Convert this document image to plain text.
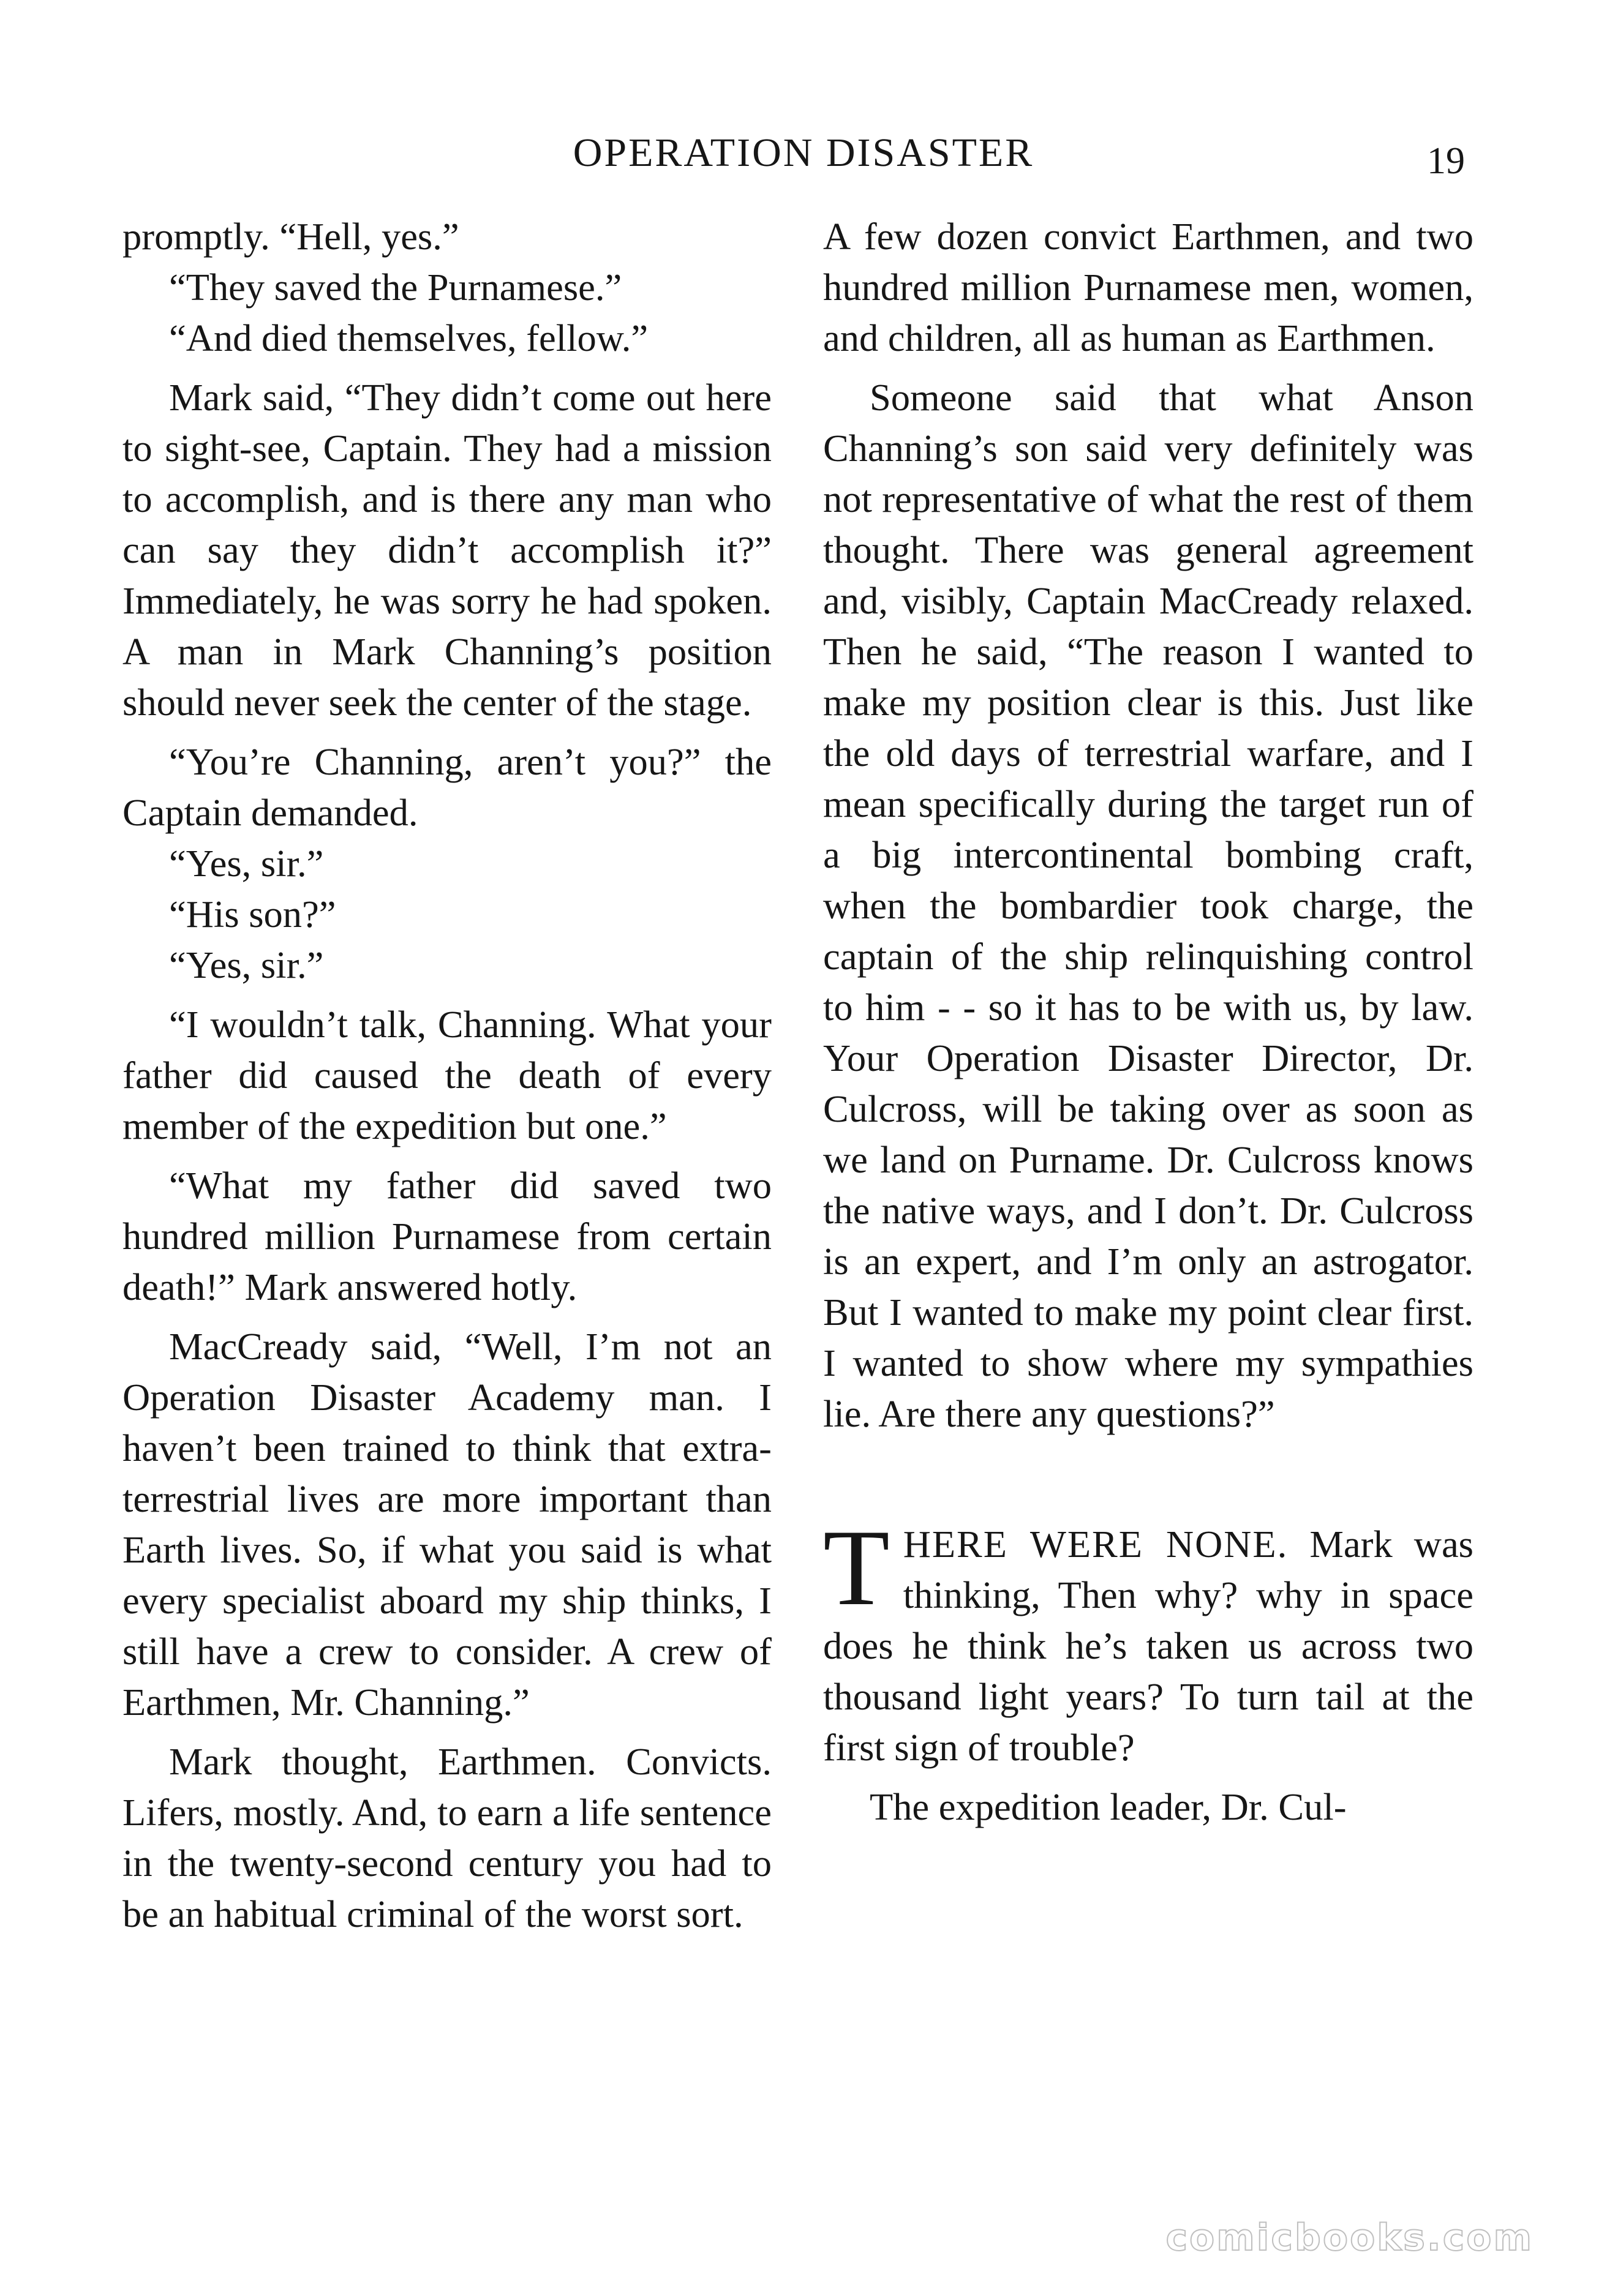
OPERATION DISASTER	19

promptly. “Hell, yes.”

“They saved the Purnamese.”

“And died themselves, fellow.”

Mark said, “They didn’t come out here to sight-see, Captain. They had a mission to accomplish, and is there any man who can say they didn’t accomplish it?” Immediately, he was sorry he had spoken. A man in Mark Channing’s position should never seek the center of the stage.

“You’re Channing, aren’t you?” the Captain demanded.

“Yes, sir.”

“His son?”

“Yes, sir.”

“I wouldn’t talk, Channing. What your father did caused the death of every member of the expedition but one.”

“What my father did saved two hundred million Purnamese from certain death!” Mark answered hotly.

MacCready said, “Well, I’m not an Operation Disaster Academy man. I haven’t been trained to think that extra-terrestrial lives are more important than Earth lives. So, if what you said is what every specialist aboard my ship thinks, I still have a crew to consider. A crew of Earthmen, Mr. Channing.”

Mark thought, Earthmen. Convicts. Lifers, mostly. And, to earn a life sentence in the twenty-second century you had to be an habitual criminal of the worst sort.

A few dozen convict Earthmen, and two hundred million Purnamese men, women, and children, all as human as Earthmen.

Someone said that what Anson Channing’s son said very definitely was not representative of what the rest of them thought. There was general agreement and, visibly, Captain MacCready relaxed. Then he said, “The reason I wanted to make my position clear is this. Just like the old days of terrestrial warfare, and I mean specifically during the target run of a big intercontinental bombing craft, when the bombardier took charge, the captain of the ship relinquishing control to him - - so it has to be with us, by law. Your Operation Disaster Director, Dr. Culcross, will be taking over as soon as we land on Purname. Dr. Culcross knows the native ways, and I don’t. Dr. Culcross is an expert, and I’m only an astrogator. But I wanted to make my point clear first. I wanted to show where my sympathies lie. Are there any questions?”

THERE WERE NONE. Mark was thinking, Then why? why in space does he think he’s taken us across two thousand light years? To turn tail at the first sign of trouble?

The expedition leader, Dr. Cul-

comicbooks.com
